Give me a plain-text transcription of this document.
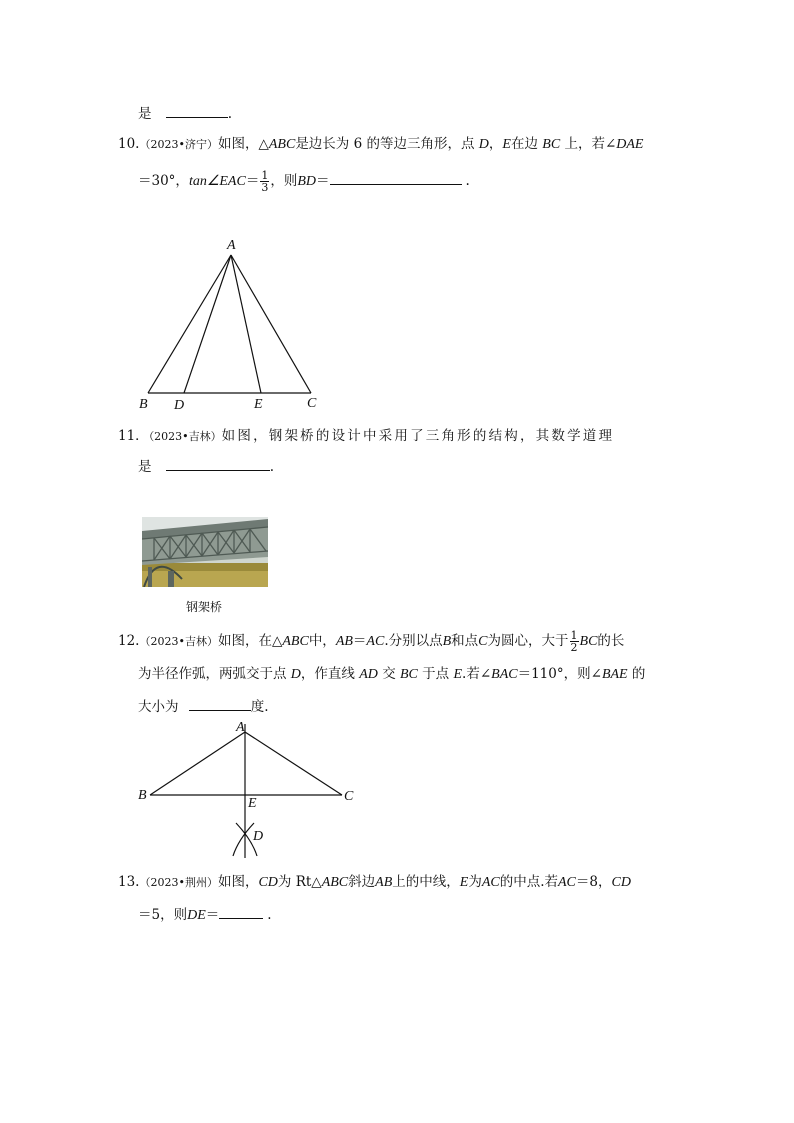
是	.
10.（2023•济宁）如图，△ABC是边长为 6 的等边三角形，点 D，E在边 BC 上，若∠DAE
＝30°，tan∠EAC＝ $\frac{1}{3}$ ，则BD＝	.
A
B D	E	C
A
B	C
E
D
11．（2023•吉林）如图，钢架桥的设计中采用了三角形的结构，其数学道理
是	.
钢架桥
12.（2023•吉林）如图，在△ABC中，AB＝AC.分别以点B和点C为圆心，大于 $\frac{1}{2}$ BC的长
为半径作弧，两弧交于点 D，作直线 AD 交 BC 于点 E.若∠BAC＝110°，则∠BAE 的
大小为	度.
13.（2023•荆州）如图，CD为 Rt△ABC斜边AB上的中线，E为AC的中点.若AC＝8，CD
＝5，则DE＝	.
